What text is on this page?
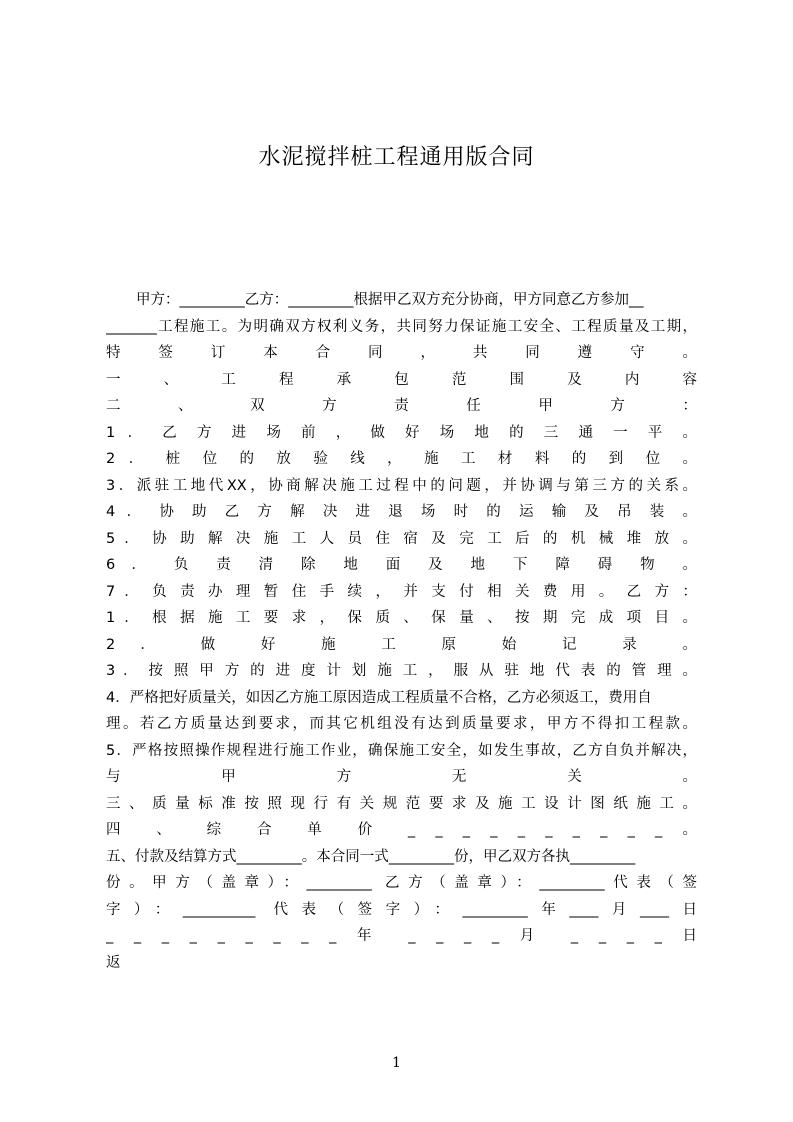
水泥搅拌桩工程通用版合同
甲方：_________乙方：_________根据甲乙双方充分协商，甲方同意乙方参加__
_______工程施工。为明确双方权利义务，共同努力保证施工安全、工程质量及工期，
特 签 订 本 合 同 ， 共 同 遵 守 。
一 、 工 程 承 包 范 围 及 内 容
二 、 双 方 责 任 甲 方 ：
1 ． 乙 方 进 场 前 ， 做 好 场 地 的 三 通 一 平 。
2 ． 桩 位 的 放 验 线 ， 施 工 材 料 的 到 位 。
3．派驻工地代XX，协商解决施工过程中的问题，并协调与第三方的关系。
4 ． 协 助 乙 方 解 决 进 退 场 时 的 运 输 及 吊 装 。
5 ． 协 助 解 决 施 工 人 员 住 宿 及 完 工 后 的 机 械 堆 放 。
6 ． 负 责 清 除 地 面 及 地 下 障 碍 物 。
7 ． 负 责 办 理 暂 住 手 续 ， 并 支 付 相 关 费 用 。 乙 方 ：
1 ． 根 据 施 工 要 求 ， 保 质 、 保 量 、 按 期 完 成 项 目 。
2 ． 做 好 施 工 原 始 记 录 。
3 ． 按 照 甲 方 的 进 度 计 划 施 工 ， 服 从 驻 地 代 表 的 管 理 。
4．严格把好质量关，如因乙方施工原因造成工程质量不合格，乙方必须返工，费用自
理。若乙方质量达到要求，而其它机组没有达到质量要求，甲方不得扣工程款。
5．严格按照操作规程进行施工作业，确保施工安全，如发生事故，乙方自负并解决，
与 甲 方 无 关 。
三 、 质 量 标 准 按 照 现 行 有 关 规 范 要 求 及 施 工 设 计 图 纸 施 工 。
四 、 综 合 单 价 _ _ _ _ _ _ _ _ _ _ 。
五、付款及结算方式_________。本合同一式_________份，甲乙双方各执_________
份。甲方（盖章）：_________ 乙方（盖章）：_________代表（签
字）：__________ 代表（签字）：_________年____月____日
_ _ _ _ _ _ _ _ _ 年 _ _ _ _ 月 _ _ _ _ 日
返
1
